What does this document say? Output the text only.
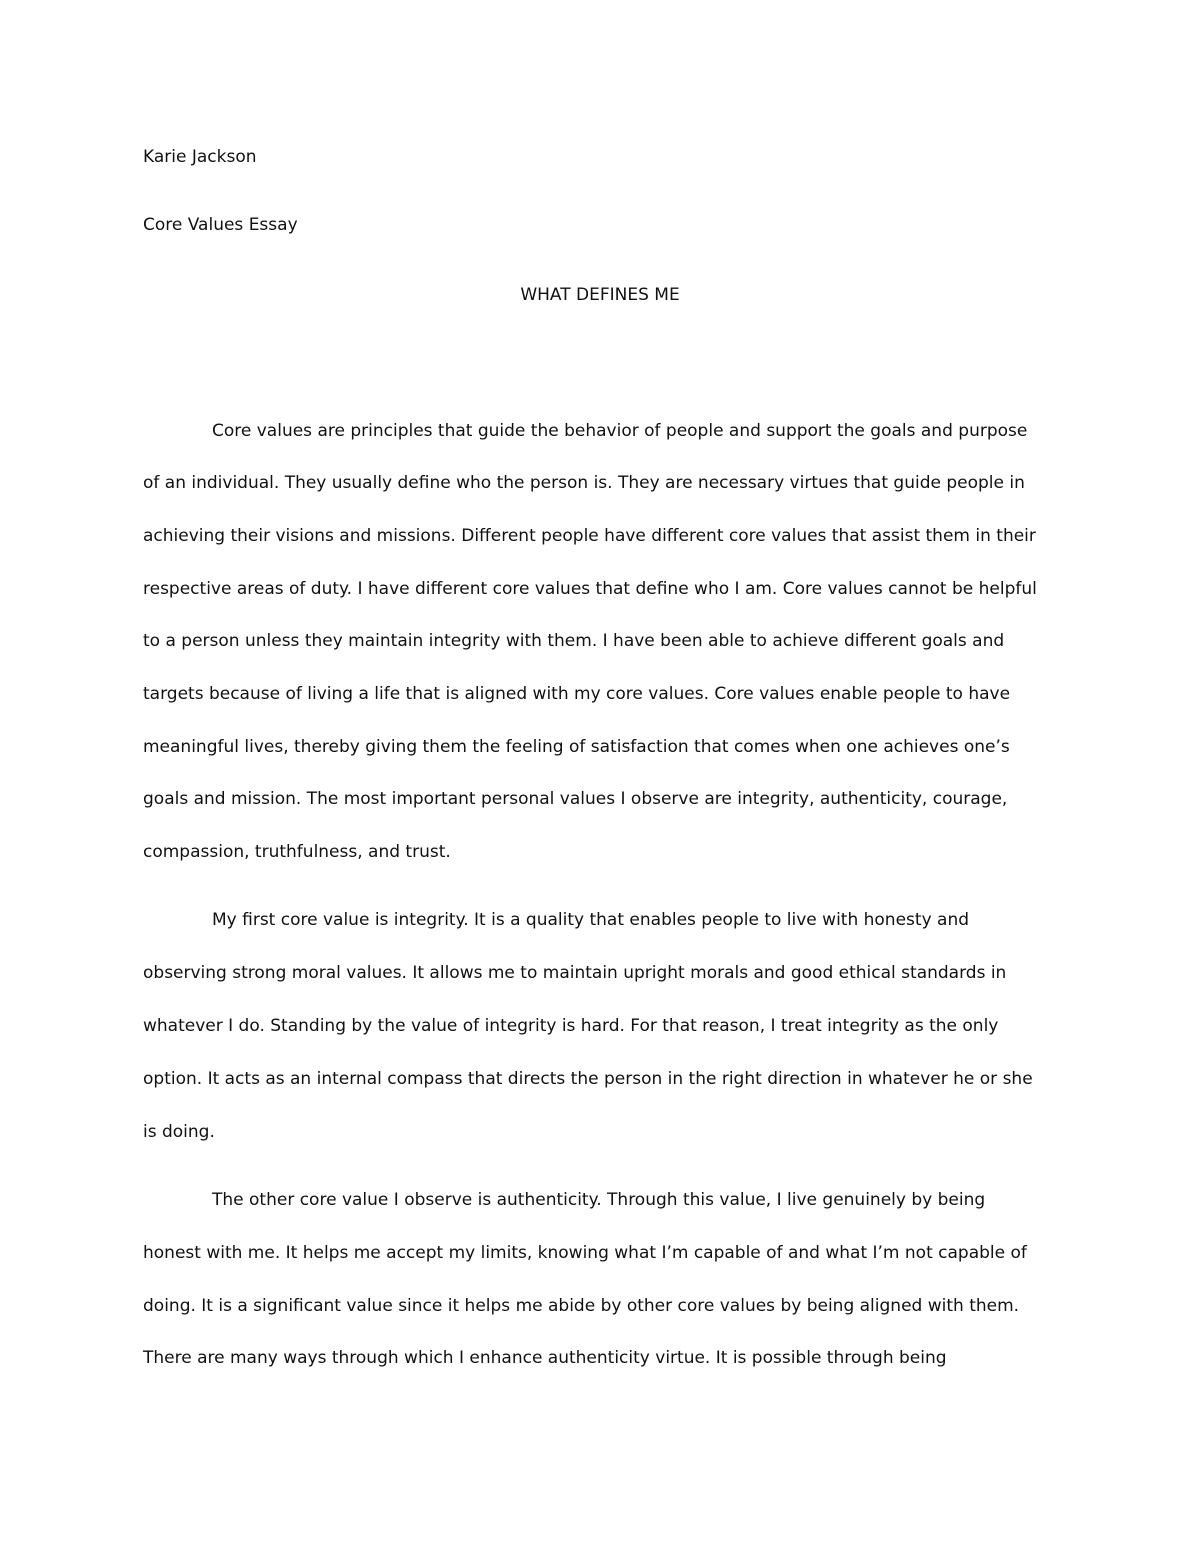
Karie Jackson

Core Values Essay

WHAT DEFINES ME

Core values are principles that guide the behavior of people and support the goals and purpose

of an individual. They usually define who the person is. They are necessary virtues that guide people in

achieving their visions and missions. Different people have different core values that assist them in their

respective areas of duty. I have different core values that define who I am. Core values cannot be helpful

to a person unless they maintain integrity with them. I have been able to achieve different goals and

targets because of living a life that is aligned with my core values. Core values enable people to have

meaningful lives, thereby giving them the feeling of satisfaction that comes when one achieves one’s

goals and mission. The most important personal values I observe are integrity, authenticity, courage,

compassion, truthfulness, and trust.

My first core value is integrity. It is a quality that enables people to live with honesty and

observing strong moral values. It allows me to maintain upright morals and good ethical standards in

whatever I do. Standing by the value of integrity is hard. For that reason, I treat integrity as the only

option. It acts as an internal compass that directs the person in the right direction in whatever he or she

is doing.

The other core value I observe is authenticity. Through this value, I live genuinely by being

honest with me. It helps me accept my limits, knowing what I’m capable of and what I’m not capable of

doing. It is a significant value since it helps me abide by other core values by being aligned with them.

There are many ways through which I enhance authenticity virtue. It is possible through being
